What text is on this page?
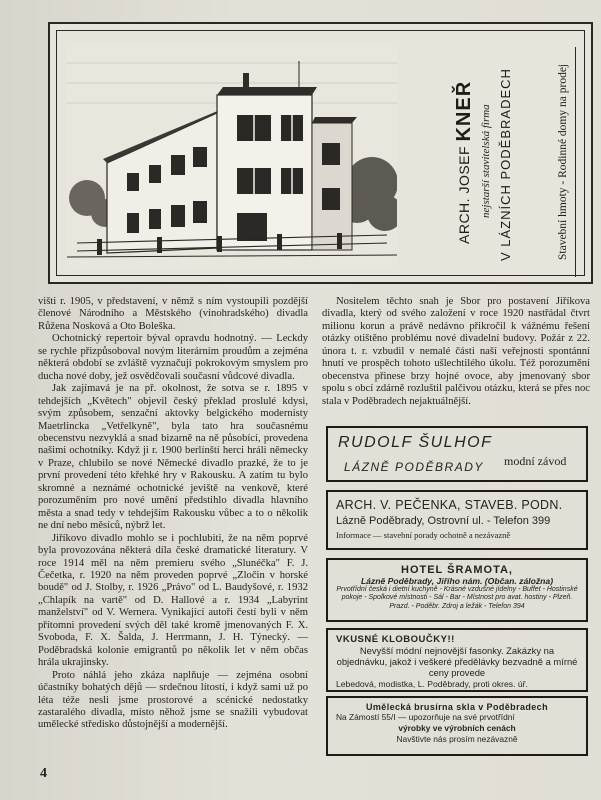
ARCH. JOSEF KNEŘ nejstarší stavitelská firma V LÁZNÍCH PODĚBRADECH	Stavební hmoty - Rodinné domy na prodej

višti r. 1905, v představení, v němž s ním vystoupili pozdější členové Národního a Městského (vinohradského) divadla Růžena Nosková a Oto Boleška.

Ochotnický repertoir býval opravdu hodnotný. — Leckdy se rychle přizpůsoboval novým literárním proudům a zejména některá období se zvláště vyznačují pokrokovým smyslem pro ducha nové doby, jež osvědčovali současní vůdcové divadla.

Jak zajímavá je na př. okolnost, že sotva se r. 1895 v tehdejších „Květech" objevil český překlad proslulé kdysi, svým způsobem, senzační aktovky belgického modernisty Maetrlincka „Vetřelkyně", byla tato hra současnému obecenstvu nezvyklá a snad bizarně na ně působící, provedena našimi ochotníky. Když ji r. 1900 berlínští herci hráli německy v Praze, chlubilo se nové Německé divadlo prazké, že to je první provedení této křehké hry v Rakousku. A zatím tu bylo skromné a neznámé ochotnické jeviště na venkově, které porozuměním pro nové umění předstihlo divadla hlavního města a snad tedy v tehdejším Rakousku vůbec a to o několik ne dní nebo měsíců, nýbrž let.

Jiříkovo divadlo mohlo se i pochlubiti, že na něm poprvé byla provozována některá díla české dramatické literatury. V roce 1914 měl na něm premieru svého „Slunéčka" F. J. Čečetka, r. 1920 na něm proveden poprvé „Zločin v horské boudě" od J. Stolby, r. 1926 „Právo" od L. Baudyšové, r. 1932 „Chlapík na vartě" od D. Hallové a r. 1934 „Labyrint manželství" od V. Wernera. Vynikající autoři čestí byli v něm přítomni provedení svých děl také kromě jmenovaných F. X. Svoboda, F. X. Šalda, J. Herrmann, J. H. Týnecký. — Poděbradská kolonie emigrantů po několik let v něm občas hrála ukrajinsky.

Proto náhlá jeho zkáza naplňuje — zejména osobní účastníky bohatých dějů — srdečnou lítostí, i když sami už po léta téže nesli jsme prostorové a scénické nedostatky zastaralého divadla, místo něhož jsme se snažili vybudovat umělecké středisko důstojnější a modernější.

Nositelem těchto snah je Sbor pro postavení Jiříkova divadla, který od svého založení v roce 1920 nastřádal čtvrt milionu korun a právě nedávno přikročil k vážnému řešení otázky otištěno problému nové divadelní budovy. Požár z 22. února t. r. vzbudil v nemalé části naší veřejnosti spontánní hnutí ve prospěch tohoto ušlechtilého úkolu. Též porozumění obecenstva přinese brzy hojné ovoce, aby jmenovaný sbor spolu s obcí zdárně rozluštil palčivou otázku, která se přes noc stala v Poděbradech nejaktuálnější.

4
RUDOLF ŠULHOF
LÁZNĚ PODĚBRADY modní závod
ARCH. V. PEČENKA, STAVEB. PODN.
Lázně Poděbrady, Ostrovní ul. - Telefon 399
Informace — stavební porady ochotně a nezávazně
HOTEL ŠRAMOTA,
Lázně Poděbrady, Jiřího nám. (Občan. záložna)
Prvotřídní česká i dietní kuchyně - Krásné vzdušné jídelny - Buffet - Hostinské pokoje - Spolkové místnosti - Sál - Bar - Místnost pro avat. hostiny - Plzeň. Prazd. - Poděbr. Zdroj a ležák - Telefon 394
VKUSNÉ KLOBOUČKY!!
Nevyšší módní nejnovější fasonky. Zakázky na objednávku, jakož i veškeré předělávky bezvadně a mírné ceny provede
Lebedová, modistka, L. Poděbrady, proti okres. úř.
Umělecká brusírna skla v Poděbradech
Na Zámostí 55/I — upozorňuje na své prvotřídní
výrobky ve výrobních cenách
Navštivte nás prosím nezávazně
